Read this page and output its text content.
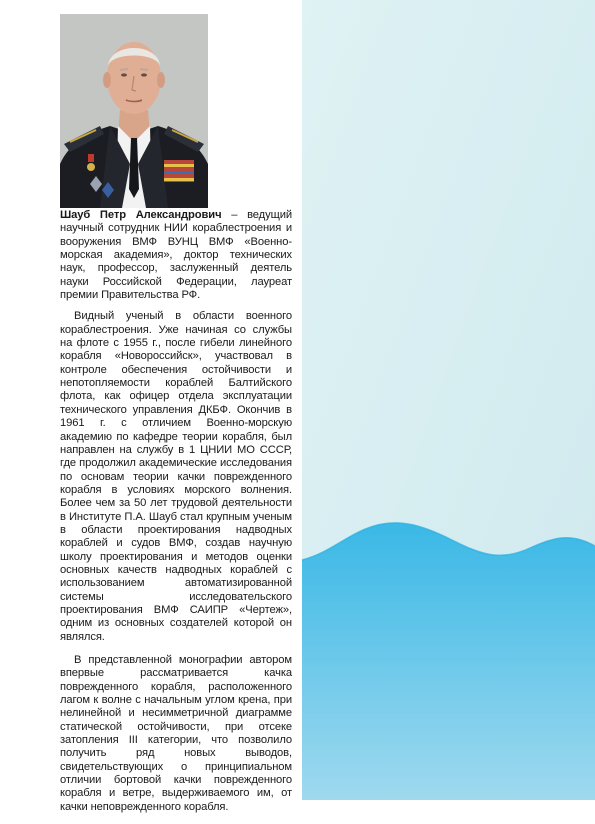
Шауб Петр Александрович – ведущий научный сотрудник НИИ кораблестроения и вооружения ВМФ ВУНЦ ВМФ «Военно-морская академия», доктор технических наук, профессор, заслуженный деятель науки Российской Федерации, лауреат премии Правительства РФ.

Видный ученый в области военного кораблестроения. Уже начиная со службы на флоте с 1955 г., после гибели линейного корабля «Новороссийск», участвовал в контроле обеспечения остойчивости и непотопляемости кораблей Балтийского флота, как офицер отдела эксплуатации технического управления ДКБФ. Окончив в 1961 г. с отличием Военно-морскую академию по кафедре теории корабля, был направлен на службу в 1 ЦНИИ МО СССР, где продолжил академические исследования по основам теории качки поврежденного корабля в условиях морского волнения. Более чем за 50 лет трудовой деятельности в Институте П.А. Шауб стал крупным ученым в области проектирования надводных кораблей и судов ВМФ, создав научную школу проектирования и методов оценки основных качеств надводных кораблей с использованием автоматизированной системы исследовательского проектирования ВМФ САИПР «Чертеж», одним из основных создателей которой он являлся.

В представленной монографии автором впервые рассматривается качка поврежденного корабля, расположенного лагом к волне с начальным углом крена, при нелинейной и несимметричной диаграмме статической остойчивости, при отсеке затопления III категории, что позволило получить ряд новых выводов, свидетельствующих о принципиальном отличии бортовой качки поврежденного корабля и ветре, выдерживаемого им, от качки неповрежденного корабля.
